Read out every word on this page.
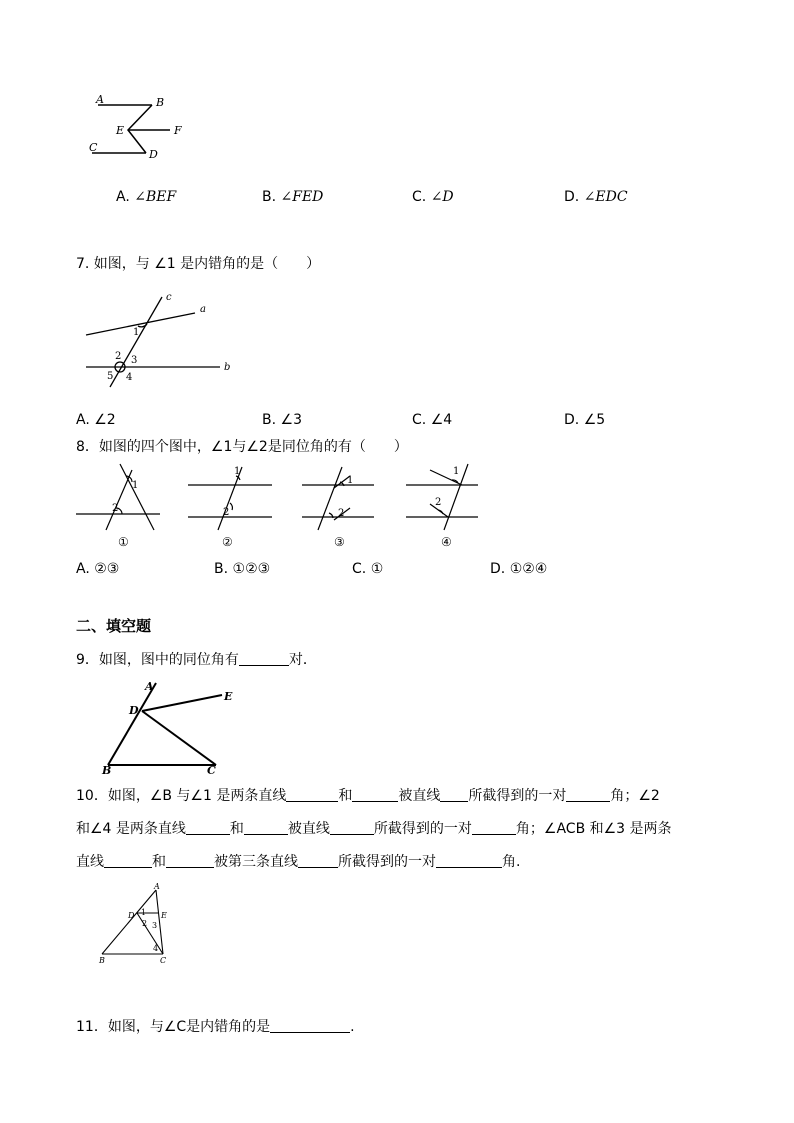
A	B
E	F
C
D
A. ∠BEF	B. ∠FED	C. ∠D	D. ∠EDC
7. 如图，与 ∠1 是内错角的是（　　）
c
a
b
1
2 3
4
5
A. ∠2	B. ∠3	C. ∠4	D. ∠5
8．如图的四个图中，∠1与∠2是同位角的有（　　）
1
2
1
2
1
2
1
2
①	②	③	④
A. ②③	B. ①②③	C. ①	D. ①②④
二、填空题
9．如图，图中的同位角有	对．
A
D
E
B	C
10．如图，∠B 与∠1 是两条直线	和	被直线 所截得到的一对	角；∠2
和∠4 是两条直线	和	被直线	所截得到的一对	角；∠ACB 和∠3 是两条
直线	和	被第三条直线	所截得到的一对	角.
A
D	E
B	C
1
2 3
4
11．如图，与∠C是内错角的是	.
